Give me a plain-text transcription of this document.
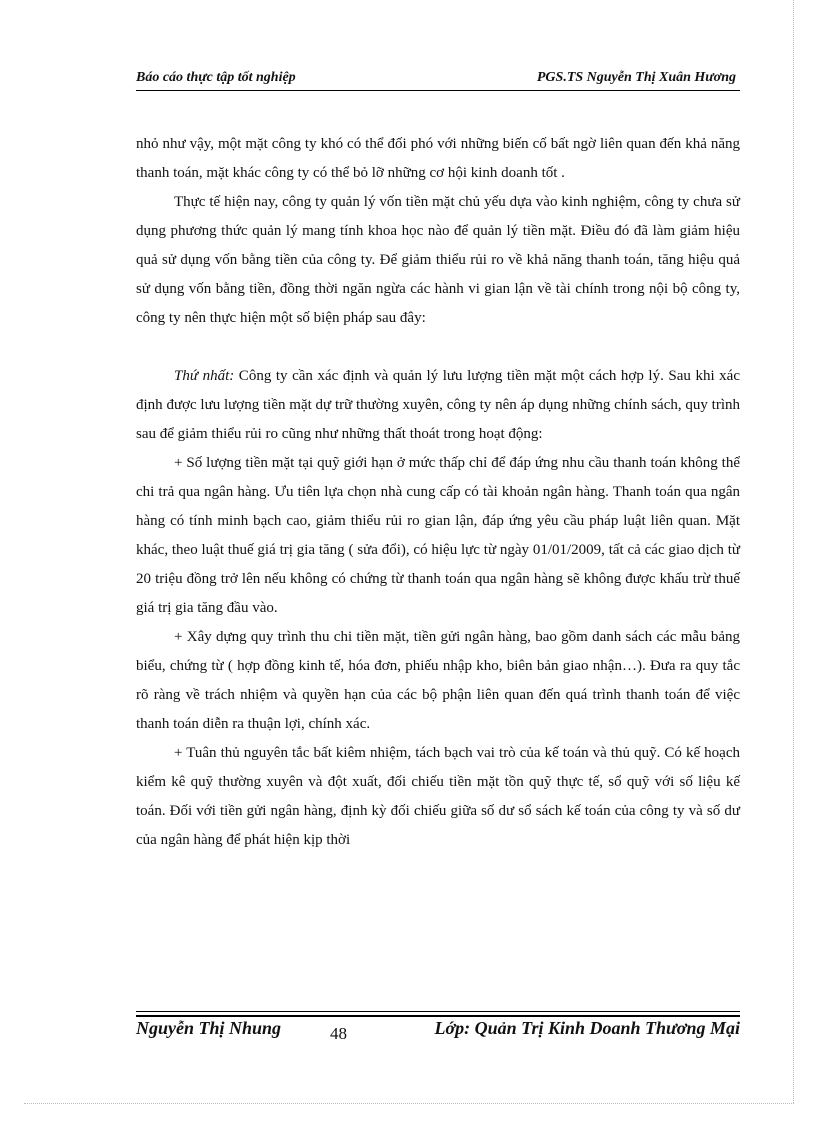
Báo cáo thực tập tốt nghiệp	PGS.TS Nguyễn Thị Xuân Hương

nhỏ như vậy, một mặt công ty khó có thể đối phó với những biến cố bất ngờ liên quan đến khả năng thanh toán, mặt khác công ty có thể bỏ lỡ những cơ hội kinh doanh tốt .

Thực tế hiện nay, công ty quản lý vốn tiền mặt chủ yếu dựa vào kinh nghiệm, công ty chưa sử dụng phương thức quản lý mang tính khoa học nào để quản lý tiền mặt. Điều đó đã làm giảm hiệu quả sử dụng vốn bằng tiền của công ty. Để giảm thiểu rủi ro về khả năng thanh toán, tăng hiệu quả sử dụng vốn bằng tiền, đồng thời ngăn ngừa các hành vi gian lận về tài chính trong nội bộ công ty, công ty nên thực hiện một số biện pháp sau đây:

Thứ nhất: Công ty cần xác định và quản lý lưu lượng tiền mặt một cách hợp lý. Sau khi xác định được lưu lượng tiền mặt dự trữ thường xuyên, công ty nên áp dụng những chính sách, quy trình sau để giảm thiểu rủi ro cũng như những thất thoát trong hoạt động:

+ Số lượng tiền mặt tại quỹ giới hạn ở mức thấp chỉ để đáp ứng nhu cầu thanh toán không thể chi trả qua ngân hàng. Ưu tiên lựa chọn nhà cung cấp có tài khoản ngân hàng. Thanh toán qua ngân hàng có tính minh bạch cao, giảm thiểu rủi ro gian lận, đáp ứng yêu cầu pháp luật liên quan. Mặt khác, theo luật thuế giá trị gia tăng ( sửa đổi), có hiệu lực từ ngày 01/01/2009, tất cả các giao dịch từ 20 triệu đồng trở lên nếu không có chứng từ thanh toán qua ngân hàng sẽ không được khấu trừ thuế giá trị gia tăng đầu vào.

+ Xây dựng quy trình thu chi tiền mặt, tiền gửi ngân hàng, bao gồm danh sách các mẫu bảng biểu, chứng từ ( hợp đồng kinh tế, hóa đơn, phiếu nhập kho, biên bản giao nhận…). Đưa ra quy tắc rõ ràng về trách nhiệm và quyền hạn của các bộ phận liên quan đến quá trình thanh toán để việc thanh toán diễn ra thuận lợi, chính xác.

+ Tuân thủ nguyên tắc bất kiêm nhiệm, tách bạch vai trò của kế toán và thủ quỹ. Có kế hoạch kiểm kê quỹ thường xuyên và đột xuất, đối chiếu tiền mặt tồn quỹ thực tế, sổ quỹ với số liệu kế toán. Đối với tiền gửi ngân hàng, định kỳ đối chiếu giữa số dư sổ sách kế toán của công ty và số dư của ngân hàng để phát hiện kịp thời

Nguyễn Thị Nhung	48	Lớp: Quản Trị Kinh Doanh Thương Mại
